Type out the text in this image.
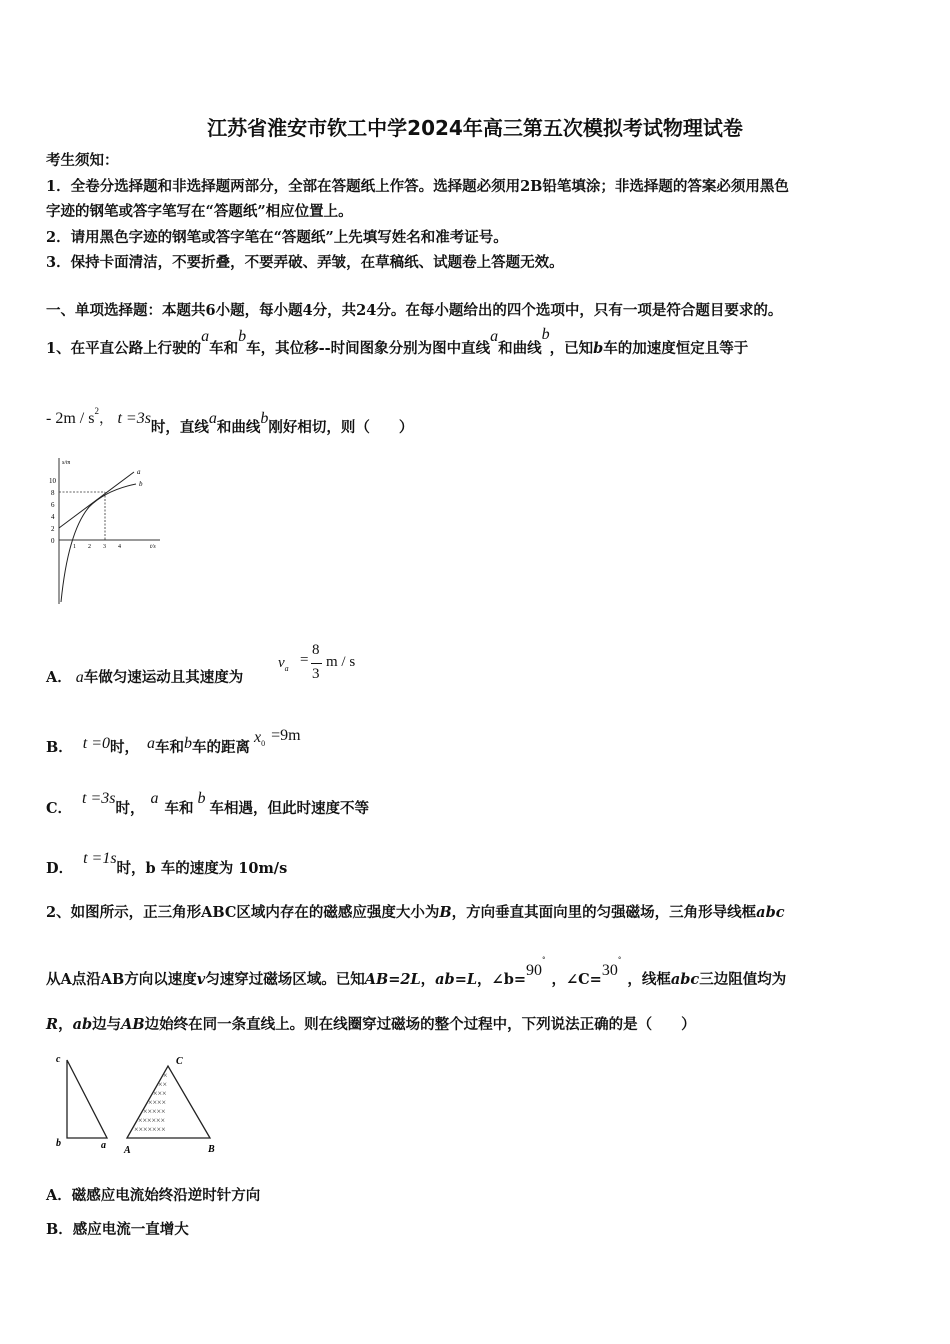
江苏省淮安市钦工中学2024年高三第五次模拟考试物理试卷
考生须知：
1．全卷分选择题和非选择题两部分，全部在答题纸上作答。选择题必须用2B铅笔填涂；非选择题的答案必须用黑色
字迹的钢笔或答字笔写在“答题纸”相应位置上。
2．请用黑色字迹的钢笔或答字笔在“答题纸”上先填写姓名和准考证号。
3．保持卡面清洁，不要折叠，不要弄破、弄皱，在草稿纸、试题卷上答题无效。
一、单项选择题：本题共6小题，每小题4分，共24分。在每小题给出的四个选项中，只有一项是符合题目要求的。
1、在平直公路上行驶的a车和b车，其位移--时间图象分别为图中直线a和曲线b，已知b车的加速度恒定且等于
- $2m / s^2$， t =3s时，直线a和曲线b刚好相切，则（　　）
s/m
t/s
10
8
6
4
2
0
1 2 3 4
a
b
A． a车做匀速运动且其速度为
$v_a$
=
8
3
m / s
B． t =0时， a车和b车的距离$x^0 =9m$
C．t =3s时，a车和b车相遇，但此时速度不等
D．t =1s时，b 车的速度为 10m/s
2、如图所示，正三角形ABC区域内存在的磁感应强度大小为B，方向垂直其面向里的匀强磁场，三角形导线框abc
从A点沿AB方向以速度v匀速穿过磁场区域。已知AB=2L，ab=L，∠b=90°，∠C=30°，线框abc三边阻值均为
R，ab边与AB边始终在同一条直线上。则在线圈穿过磁场的整个过程中，下列说法正确的是（　　）
×
××
×××
××××
×××××
××××××
×××××××
c
b	a A	B
C
A．磁感应电流始终沿逆时针方向
B．感应电流一直增大
